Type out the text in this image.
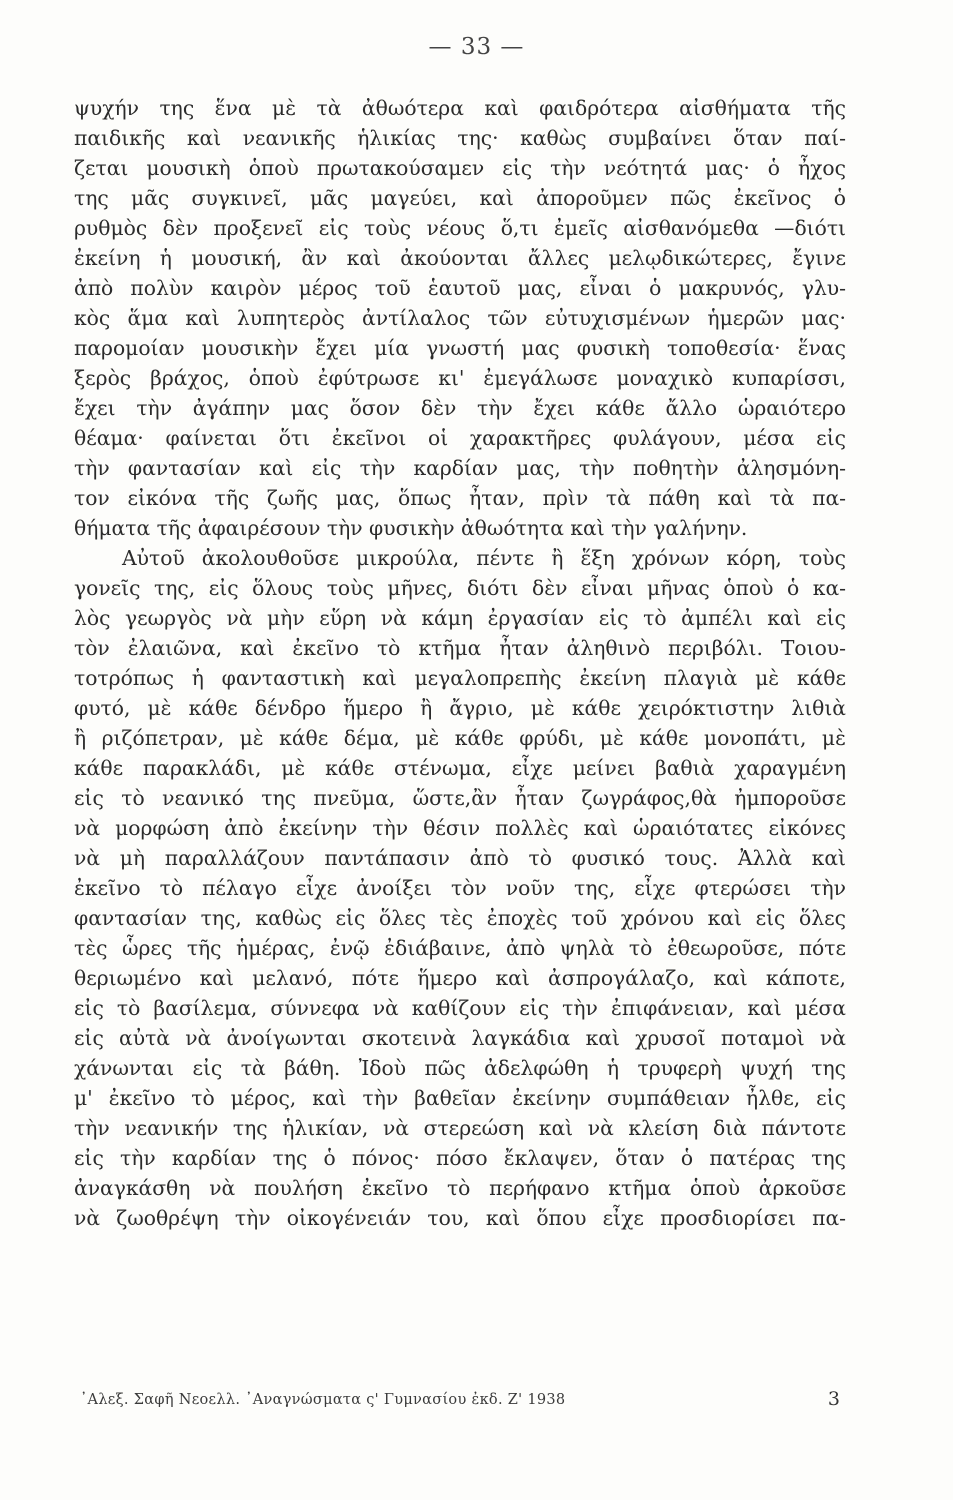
— 33 —
ψυχήν της ἕνα μὲ τὰ ἀθωότερα καὶ φαιδρότερα αἰσθήματα τῆς
παιδικῆς καὶ νεανικῆς ἡλικίας της· καθὼς συμβαίνει ὅταν παί-
ζεται μουσικὴ ὁποὺ πρωτακούσαμεν εἰς τὴν νεότητά μας· ὁ ἦχος
της μᾶς συγκινεῖ, μᾶς μαγεύει, καὶ ἀποροῦμεν πῶς ἐκεῖνος ὁ
ρυθμὸς δὲν προξενεῖ εἰς τοὺς νέους ὅ,τι ἐμεῖς αἰσθανόμεθα —διότι
ἐκείνη ἡ μουσική, ἂν καὶ ἀκούονται ἄλλες μελῳδικώτερες, ἔγινε
ἀπὸ πολὺν καιρὸν μέρος τοῦ ἑαυτοῦ μας, εἶναι ὁ μακρυνός, γλυ-
κὸς ἅμα καὶ λυπητερὸς ἀντίλαλος τῶν εὐτυχισμένων ἡμερῶν μας·
παρομοίαν μουσικὴν ἔχει μία γνωστή μας φυσικὴ τοποθεσία· ἕνας
ξερὸς βράχος, ὁποὺ ἐφύτρωσε κι' ἐμεγάλωσε μοναχικὸ κυπαρίσσι,
ἔχει τὴν ἀγάπην μας ὅσον δὲν τὴν ἔχει κάθε ἄλλο ὡραιότερο
θέαμα· φαίνεται ὅτι ἐκεῖνοι οἱ χαρακτῆρες φυλάγουν, μέσα εἰς
τὴν φαντασίαν καὶ εἰς τὴν καρδίαν μας, τὴν ποθητὴν ἀλησμόνη-
τον εἰκόνα τῆς ζωῆς μας, ὅπως ἦταν, πρὶν τὰ πάθη καὶ τὰ πα-
θήματα τῆς ἀφαιρέσουν τὴν φυσικὴν ἀθωότητα καὶ τὴν γαλήνην.
Αὐτοῦ ἀκολουθοῦσε μικρούλα, πέντε ἢ ἕξη χρόνων κόρη, τοὺς
γονεῖς της, εἰς ὅλους τοὺς μῆνες, διότι δὲν εἶναι μῆνας ὁποὺ ὁ κα-
λὸς γεωργὸς νὰ μὴν εὕρη νὰ κάμη ἐργασίαν εἰς τὸ ἀμπέλι καὶ εἰς
τὸν ἐλαιῶνα, καὶ ἐκεῖνο τὸ κτῆμα ἦταν ἀληθινὸ περιβόλι. Τοιου-
τοτρόπως ἡ φανταστικὴ καὶ μεγαλοπρεπὴς ἐκείνη πλαγιὰ μὲ κάθε
φυτό, μὲ κάθε δένδρο ἥμερο ἢ ἄγριο, μὲ κάθε χειρόκτιστην λιθιὰ
ἢ ριζόπετραν, μὲ κάθε δέμα, μὲ κάθε φρύδι, μὲ κάθε μονοπάτι, μὲ
κάθε παρακλάδι, μὲ κάθε στένωμα, εἶχε μείνει βαθιὰ χαραγμένη
εἰς τὸ νεανικό της πνεῦμα, ὥστε,ἂν ἦταν ζωγράφος,θὰ ἠμποροῦσε
νὰ μορφώση ἀπὸ ἐκείνην τὴν θέσιν πολλὲς καὶ ὡραιότατες εἰκόνες
νὰ μὴ παραλλάζουν παντάπασιν ἀπὸ τὸ φυσικό τους. Ἀλλὰ καὶ
ἐκεῖνο τὸ πέλαγο εἶχε ἀνοίξει τὸν νοῦν της, εἶχε φτερώσει τὴν
φαντασίαν της, καθὼς εἰς ὅλες τὲς ἐποχὲς τοῦ χρόνου καὶ εἰς ὅλες
τὲς ὧρες τῆς ἡμέρας, ἐνῷ ἐδιάβαινε, ἀπὸ ψηλὰ τὸ ἐθεωροῦσε, πότε
θεριωμένο καὶ μελανό, πότε ἥμερο καὶ ἀσπρογάλαζο, καὶ κάποτε,
εἰς τὸ βασίλεμα, σύννεφα νὰ καθίζουν εἰς τὴν ἐπιφάνειαν, καὶ μέσα
εἰς αὐτὰ νὰ ἀνοίγωνται σκοτεινὰ λαγκάδια καὶ χρυσοῖ ποταμοὶ νὰ
χάνωνται εἰς τὰ βάθη. Ἰδοὺ πῶς ἀδελφώθη ἡ τρυφερὴ ψυχή της
μ' ἐκεῖνο τὸ μέρος, καὶ τὴν βαθεῖαν ἐκείνην συμπάθειαν ἦλθε, εἰς
τὴν νεανικήν της ἡλικίαν, νὰ στερεώση καὶ νὰ κλείση διὰ πάντοτε
εἰς τὴν καρδίαν της ὁ πόνος· πόσο ἔκλαψεν, ὅταν ὁ πατέρας της
ἀναγκάσθη νὰ πουλήση ἐκεῖνο τὸ περήφανο κτῆμα ὁποὺ ἀρκοῦσε
νὰ ζωοθρέψη τὴν οἰκογένειάν του, καὶ ὅπου εἶχε προσδιορίσει πα-
᾿Αλεξ. Σαφῆ Νεοελλ. ᾿Αναγνώσματα ς' Γυμνασίου ἐκδ. Ζ' 1938	3
